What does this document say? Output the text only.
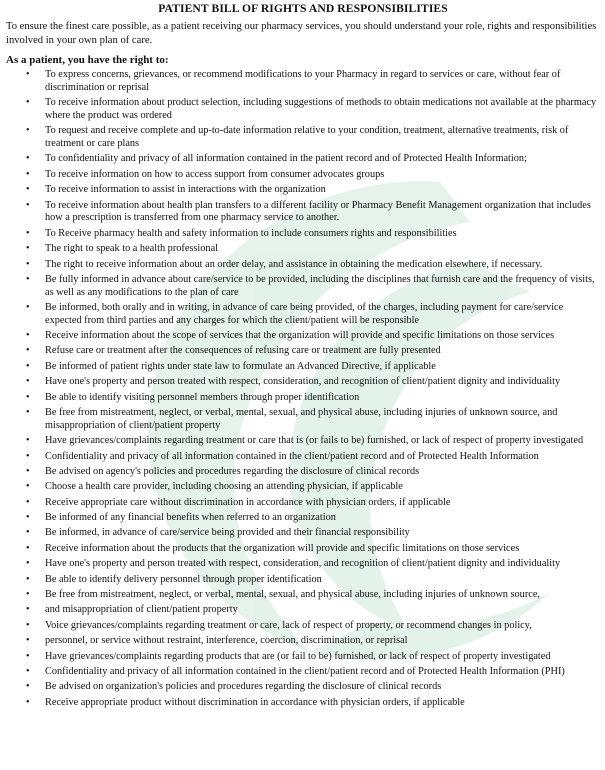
PATIENT BILL OF RIGHTS AND RESPONSIBILITIES

To ensure the finest care possible, as a patient receiving our pharmacy services, you should understand your role, rights and responsibilities involved in your own plan of care.

As a patient, you have the right to:
• To express concerns, grievances, or recommend modifications to your Pharmacy in regard to services or care, without fear of discrimination or reprisal
• To receive information about product selection, including suggestions of methods to obtain medications not available at the pharmacy where the product was ordered
• To request and receive complete and up-to-date information relative to your condition, treatment, alternative treatments, risk of treatment or care plans
• To confidentiality and privacy of all information contained in the patient record and of Protected Health Information;
• To receive information on how to access support from consumer advocates groups
• To receive information to assist in interactions with the organization
• To receive information about health plan transfers to a different facility or Pharmacy Benefit Management organization that includes how a prescription is transferred from one pharmacy service to another.
• To Receive pharmacy health and safety information to include consumers rights and responsibilities
• The right to speak to a health professional
• The right to receive information about an order delay, and assistance in obtaining the medication elsewhere, if necessary.
• Be fully informed in advance about care/service to be provided, including the disciplines that furnish care and the frequency of visits, as well as any modifications to the plan of care
• Be informed, both orally and in writing, in advance of care being provided, of the charges, including payment for care/service expected from third parties and any charges for which the client/patient will be responsible
• Receive information about the scope of services that the organization will provide and specific limitations on those services
• Refuse care or treatment after the consequences of refusing care or treatment are fully presented
• Be informed of patient rights under state law to formulate an Advanced Directive, if applicable
• Have one's property and person treated with respect, consideration, and recognition of client/patient dignity and individuality
• Be able to identify visiting personnel members through proper identification
• Be free from mistreatment, neglect, or verbal, mental, sexual, and physical abuse, including injuries of unknown source, and misappropriation of client/patient property
• Have grievances/complaints regarding treatment or care that is (or fails to be) furnished, or lack of respect of property investigated
• Confidentiality and privacy of all information contained in the client/patient record and of Protected Health Information
• Be advised on agency's policies and procedures regarding the disclosure of clinical records
• Choose a health care provider, including choosing an attending physician, if applicable
• Receive appropriate care without discrimination in accordance with physician orders, if applicable
• Be informed of any financial benefits when referred to an organization
• Be informed, in advance of care/service being provided and their financial responsibility
• Receive information about the products that the organization will provide and specific limitations on those services
• Have one's property and person treated with respect, consideration, and recognition of client/patient dignity and individuality
• Be able to identify delivery personnel through proper identification
• Be free from mistreatment, neglect, or verbal, mental, sexual, and physical abuse, including injuries of unknown source,
• and misappropriation of client/patient property
• Voice grievances/complaints regarding treatment or care, lack of respect of property, or recommend changes in policy,
• personnel, or service without restraint, interference, coercion, discrimination, or reprisal
• Have grievances/complaints regarding products that are (or fail to be) furnished, or lack of respect of property investigated
• Confidentiality and privacy of all information contained in the client/patient record and of Protected Health Information (PHI)
• Be advised on organization's policies and procedures regarding the disclosure of clinical records
• Receive appropriate product without discrimination in accordance with physician orders, if applicable
